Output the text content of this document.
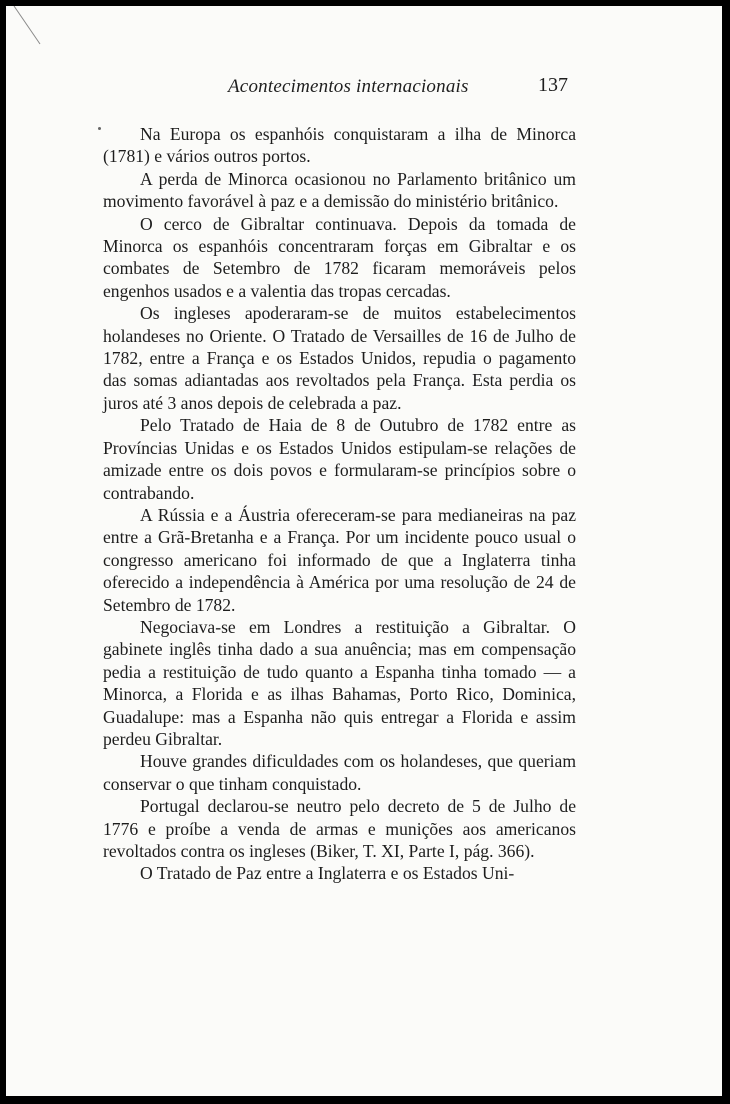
Acontecimentos internacionais	137

Na Europa os espanhóis conquistaram a ilha de Minorca (1781) e vários outros portos.

A perda de Minorca ocasionou no Parlamento britânico um movimento favorável à paz e a demissão do ministério britânico.

O cerco de Gibraltar continuava. Depois da tomada de Minorca os espanhóis concentraram forças em Gibraltar e os combates de Setembro de 1782 ficaram memoráveis pelos engenhos usados e a valentia das tropas cercadas.

Os ingleses apoderaram-se de muitos estabelecimentos holandeses no Oriente. O Tratado de Versailles de 16 de Julho de 1782, entre a França e os Estados Unidos, repudia o pagamento das somas adiantadas aos revoltados pela França. Esta perdia os juros até 3 anos depois de celebrada a paz.

Pelo Tratado de Haia de 8 de Outubro de 1782 entre as Províncias Unidas e os Estados Unidos estipulam-se relações de amizade entre os dois povos e formularam-se princípios sobre o contrabando.

A Rússia e a Áustria ofereceram-se para medianeiras na paz entre a Grã-Bretanha e a França. Por um incidente pouco usual o congresso americano foi informado de que a Inglaterra tinha oferecido a independência à América por uma resolução de 24 de Setembro de 1782.

Negociava-se em Londres a restituição a Gibraltar. O gabinete inglês tinha dado a sua anuência; mas em compensação pedia a restituição de tudo quanto a Espanha tinha tomado — a Minorca, a Florida e as ilhas Bahamas, Porto Rico, Dominica, Guadalupe: mas a Espanha não quis entregar a Florida e assim perdeu Gibraltar.

Houve grandes dificuldades com os holandeses, que queriam conservar o que tinham conquistado.

Portugal declarou-se neutro pelo decreto de 5 de Julho de 1776 e proíbe a venda de armas e munições aos americanos revoltados contra os ingleses (Biker, T. XI, Parte I, pág. 366).

O Tratado de Paz entre a Inglaterra e os Estados Uni-
